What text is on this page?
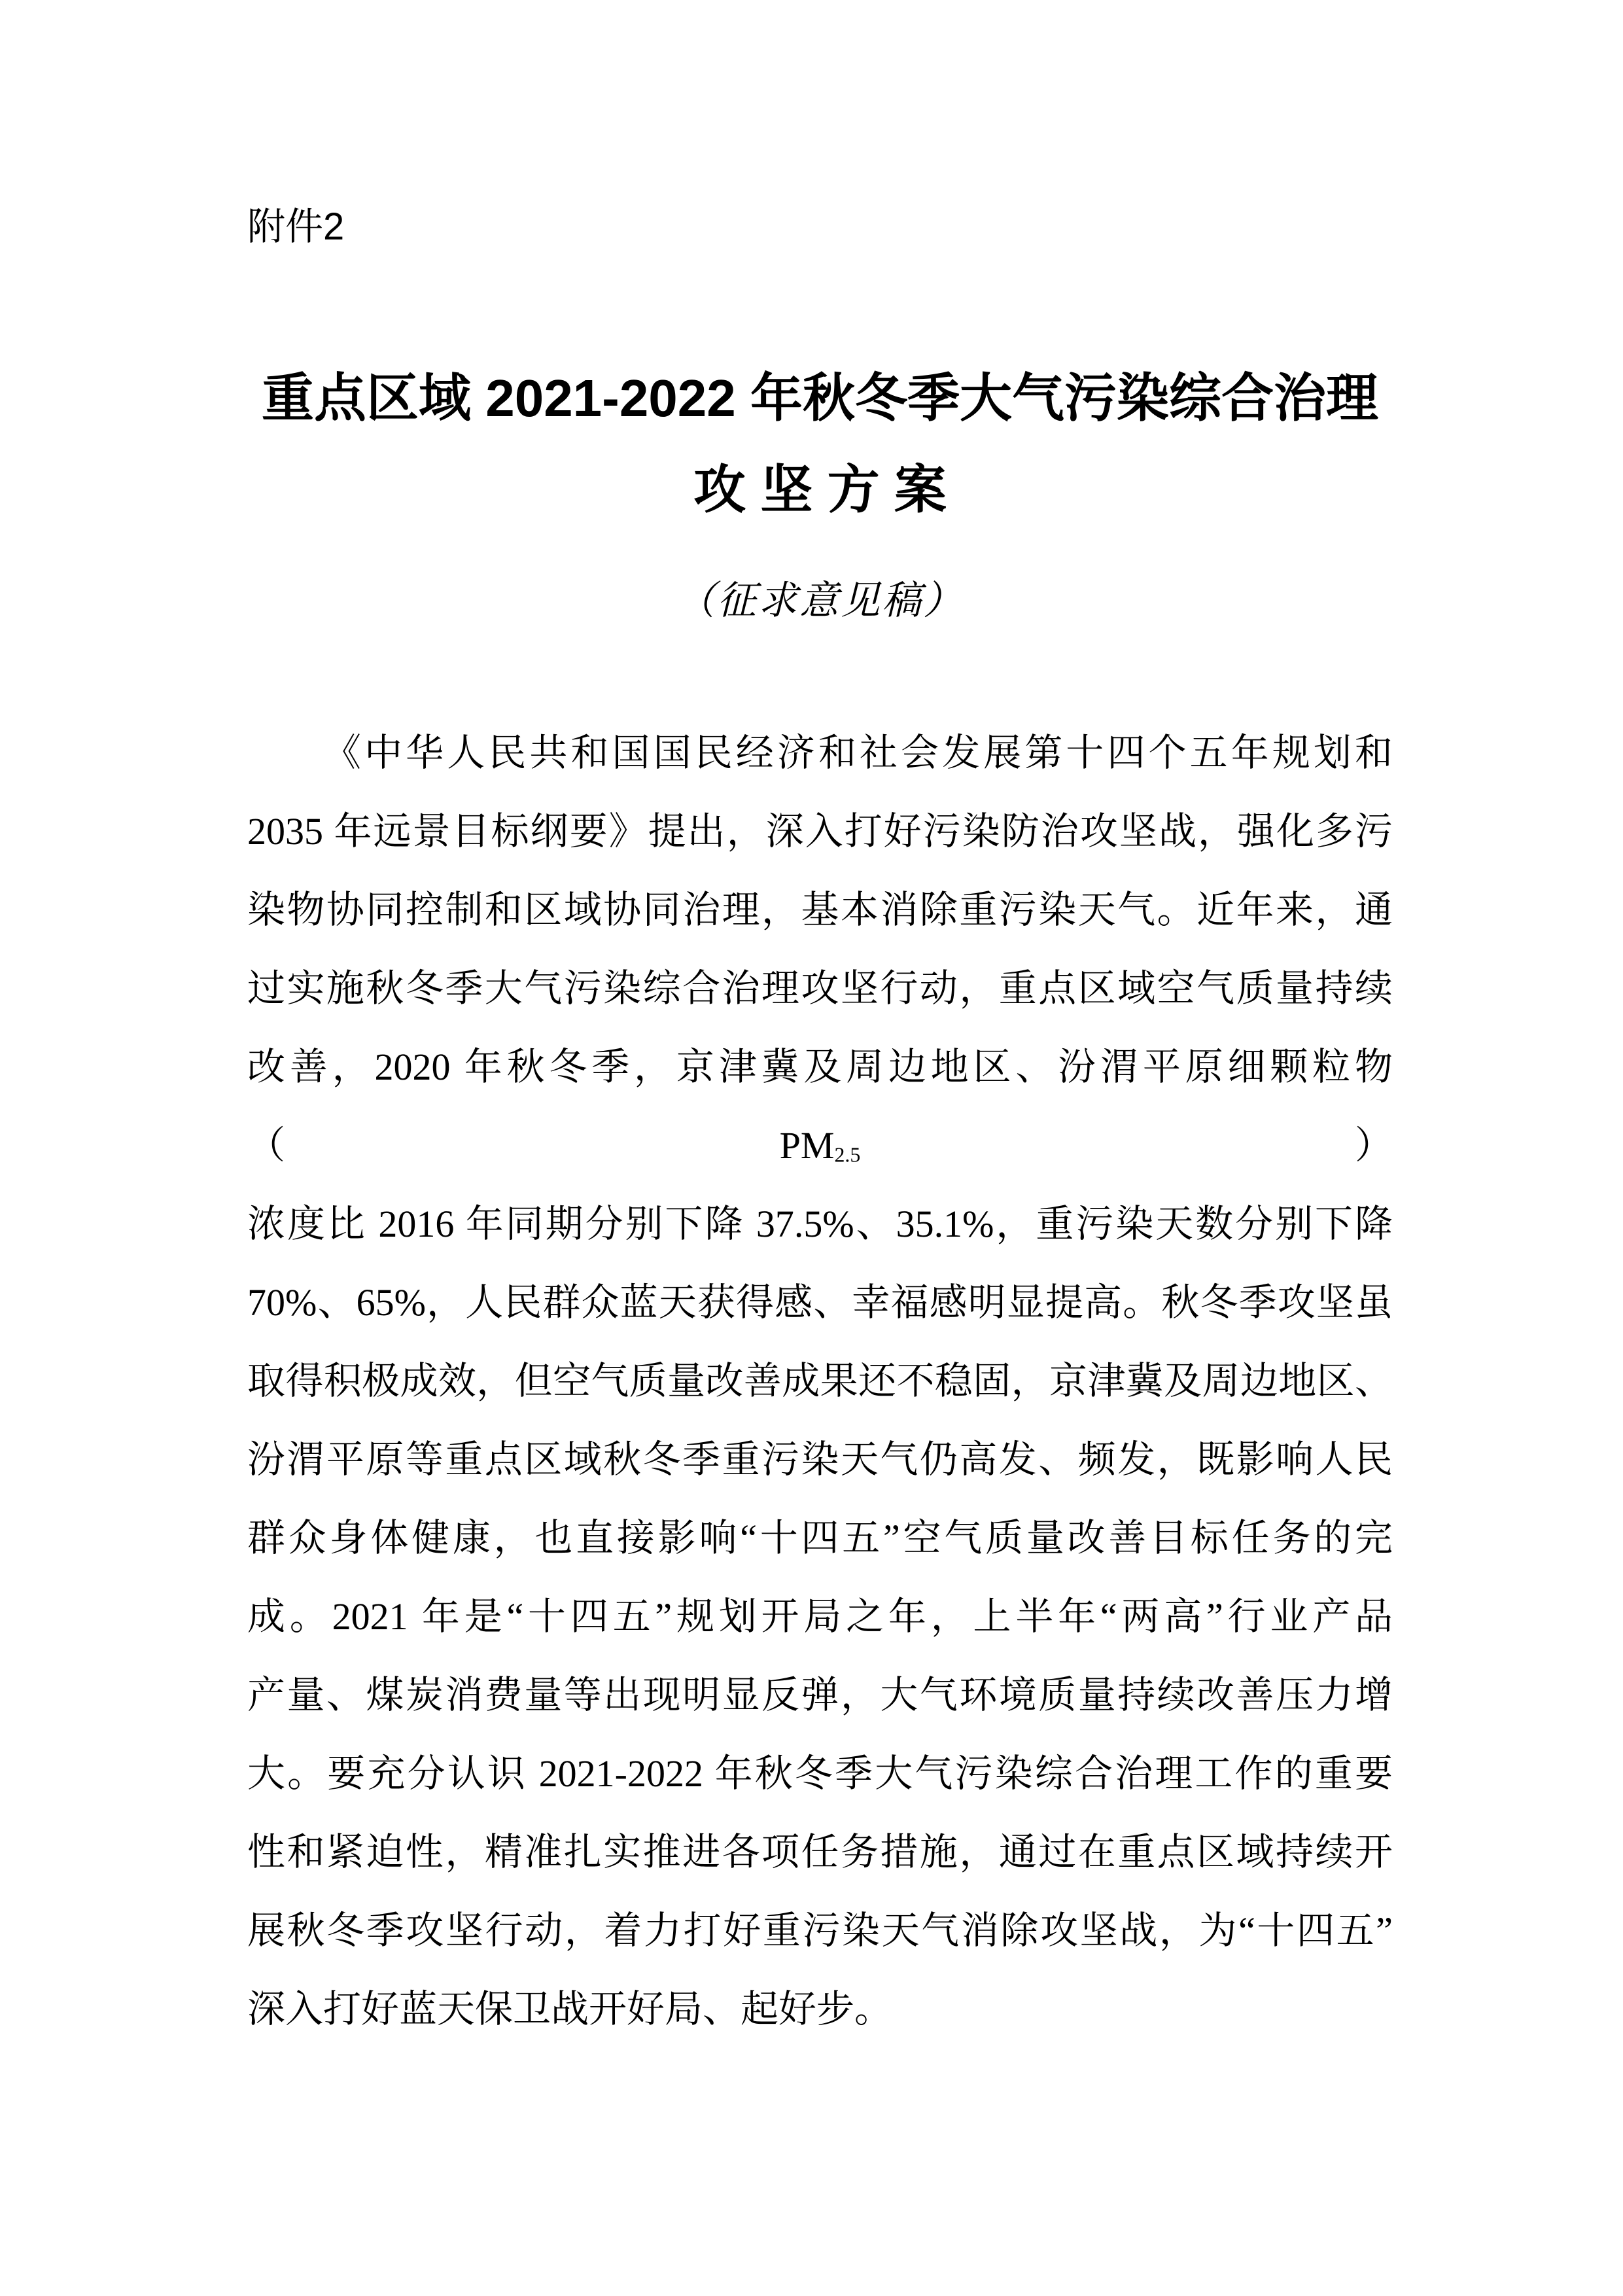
附件2
重点区域 2021-2022 年秋冬季大气污染综合治理
攻 坚 方 案
（征求意见稿）
《中华人民共和国国民经济和社会发展第十四个五年规划和
2035 年远景目标纲要》提出，深入打好污染防治攻坚战，强化多污
染物协同控制和区域协同治理，基本消除重污染天气。近年来，通
过实施秋冬季大气污染综合治理攻坚行动，重点区域空气质量持续
改善，2020 年秋冬季，京津冀及周边地区、汾渭平原细颗粒物$(PM_{2.5})$
浓度比 2016 年同期分别下降 37.5%、35.1%，重污染天数分别下降
70%、65%，人民群众蓝天获得感、幸福感明显提高。秋冬季攻坚虽
取得积极成效，但空气质量改善成果还不稳固，京津冀及周边地区、
汾渭平原等重点区域秋冬季重污染天气仍高发、频发，既影响人民
群众身体健康，也直接影响“十四五”空气质量改善目标任务的完
成。2021 年是“十四五”规划开局之年，上半年“两高”行业产品
产量、煤炭消费量等出现明显反弹，大气环境质量持续改善压力增
大。要充分认识 2021-2022 年秋冬季大气污染综合治理工作的重要
性和紧迫性，精准扎实推进各项任务措施，通过在重点区域持续开
展秋冬季攻坚行动，着力打好重污染天气消除攻坚战，为“十四五”
深入打好蓝天保卫战开好局、起好步。
